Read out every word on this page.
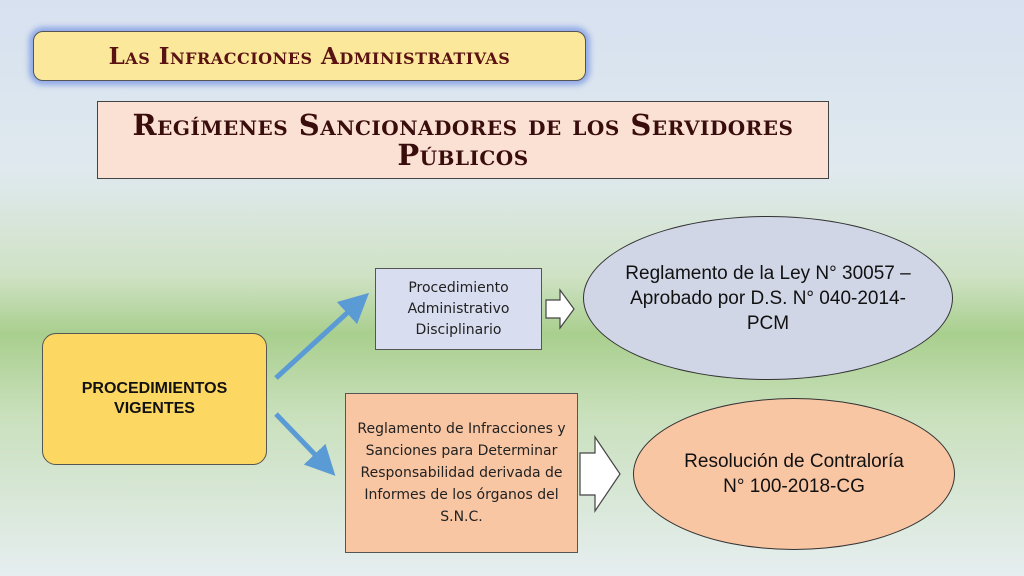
Las Infracciones Administrativas
Regímenes Sancionadores de los Servidores Públicos
PROCEDIMIENTOS VIGENTES
Procedimiento Administrativo Disciplinario
Reglamento de Infracciones y Sanciones para Determinar Responsabilidad derivada de Informes de los órganos del S.N.C.
Reglamento de la Ley N° 30057 – Aprobado por D.S. N° 040-2014-PCM
Resolución de Contraloría N° 100-2018-CG
